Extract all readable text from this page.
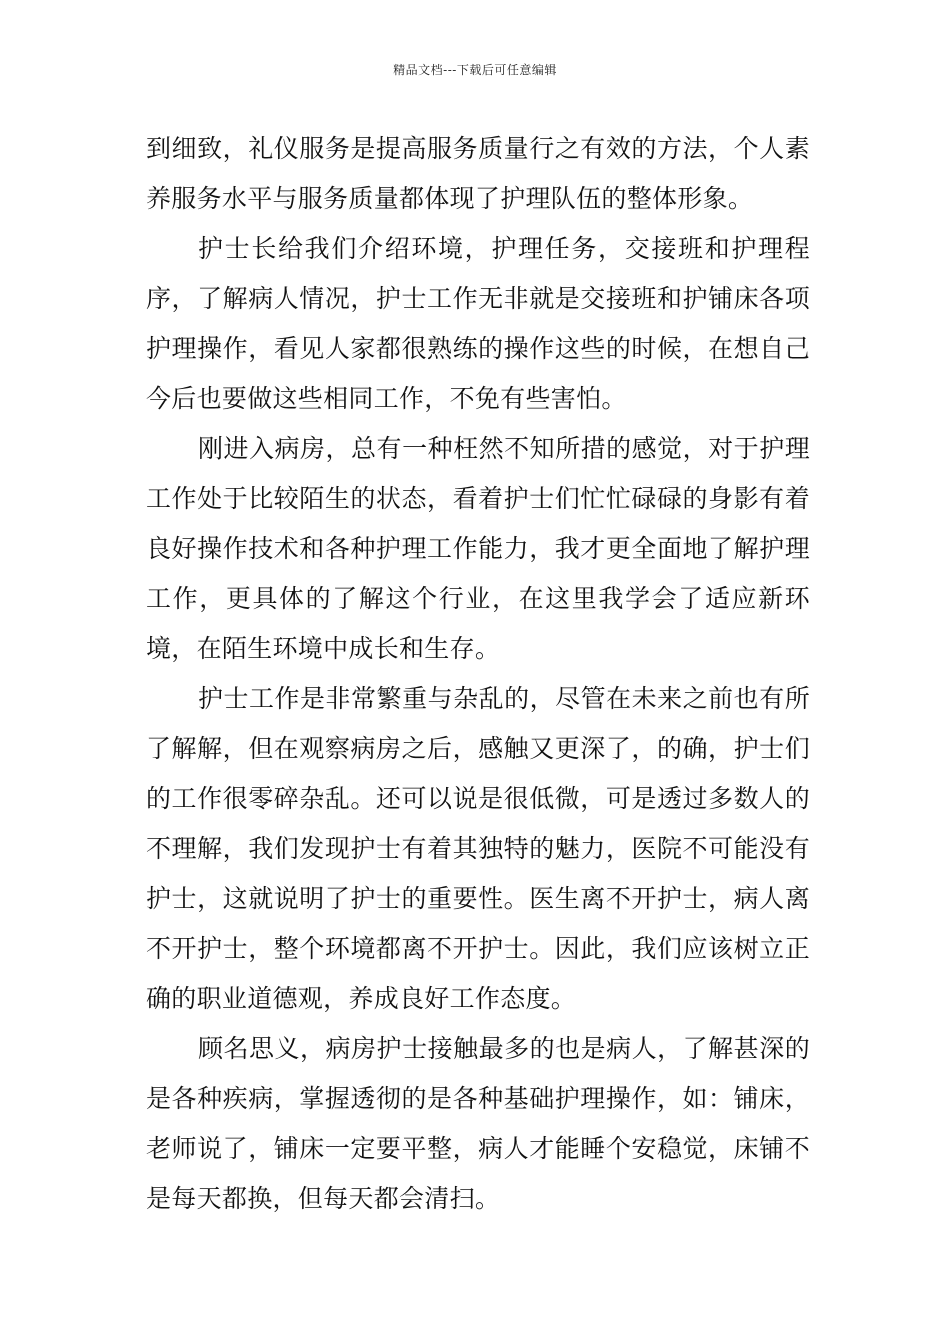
精品文档---下载后可任意编辑

到细致，礼仪服务是提高服务质量行之有效的方法，个人素养服务水平与服务质量都体现了护理队伍的整体形象。

护士长给我们介绍环境，护理任务，交接班和护理程序，了解病人情况，护士工作无非就是交接班和护铺床各项护理操作，看见人家都很熟练的操作这些的时候，在想自己今后也要做这些相同工作，不免有些害怕。

刚进入病房，总有一种枉然不知所措的感觉，对于护理工作处于比较陌生的状态，看着护士们忙忙碌碌的身影有着良好操作技术和各种护理工作能力，我才更全面地了解护理工作，更具体的了解这个行业，在这里我学会了适应新环境，在陌生环境中成长和生存。

护士工作是非常繁重与杂乱的，尽管在未来之前也有所了解解，但在观察病房之后，感触又更深了，的确，护士们的工作很零碎杂乱。还可以说是很低微，可是透过多数人的不理解，我们发现护士有着其独特的魅力，医院不可能没有护士，这就说明了护士的重要性。医生离不开护士，病人离不开护士，整个环境都离不开护士。因此，我们应该树立正确的职业道德观，养成良好工作态度。

顾名思义，病房护士接触最多的也是病人，了解甚深的是各种疾病，掌握透彻的是各种基础护理操作，如：铺床，老师说了，铺床一定要平整，病人才能睡个安稳觉，床铺不是每天都换，但每天都会清扫。
